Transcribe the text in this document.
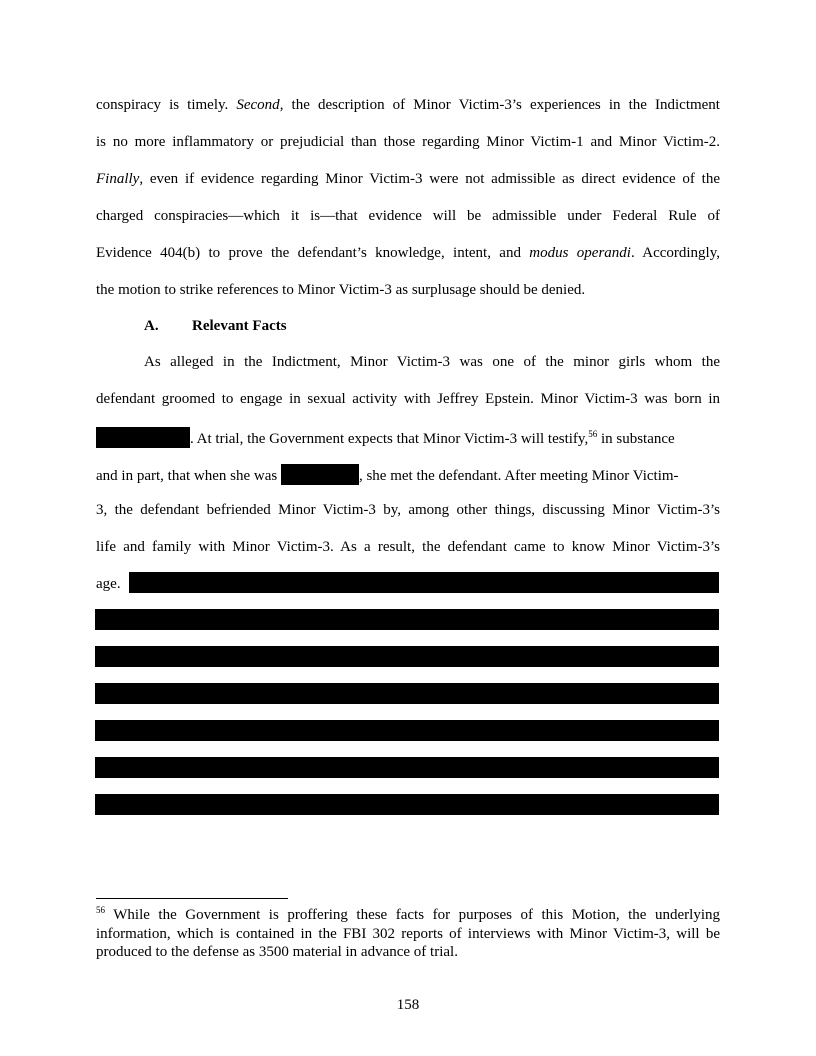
conspiracy is timely. Second, the description of Minor Victim-3’s experiences in the Indictment
is no more inflammatory or prejudicial than those regarding Minor Victim-1 and Minor Victim-2.
Finally, even if evidence regarding Minor Victim-3 were not admissible as direct evidence of the
charged conspiracies—which it is—that evidence will be admissible under Federal Rule of
Evidence 404(b) to prove the defendant’s knowledge, intent, and modus operandi. Accordingly,
the motion to strike references to Minor Victim-3 as surplusage should be denied.
A. Relevant Facts
As alleged in the Indictment, Minor Victim-3 was one of the minor girls whom the
defendant groomed to engage in sexual activity with Jeffrey Epstein. Minor Victim-3 was born in
. At trial, the Government expects that Minor Victim-3 will testify,$^{56}$ in substance
and in part, that when she was	, she met the defendant. After meeting Minor Victim-
3, the defendant befriended Minor Victim-3 by, among other things, discussing Minor Victim-3’s
life and family with Minor Victim-3. As a result, the defendant came to know Minor Victim-3’s
age.
$^{56}$ While the Government is proffering these facts for purposes of this Motion, the underlying information, which is contained in the FBI 302 reports of interviews with Minor Victim-3, will be produced to the defense as 3500 material in advance of trial.
158
